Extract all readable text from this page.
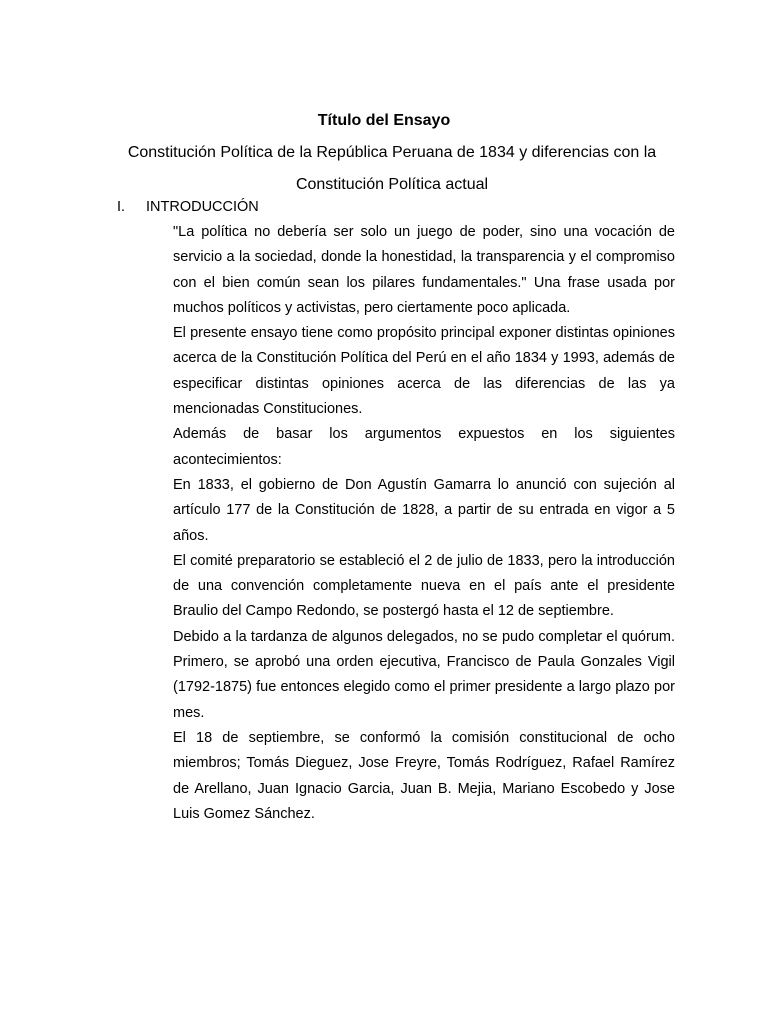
Título del Ensayo
Constitución Política de la República Peruana de 1834 y diferencias con la Constitución Política actual
I. INTRODUCCIÓN

"La política no debería ser solo un juego de poder, sino una vocación de servicio a la sociedad, donde la honestidad, la transparencia y el compromiso con el bien común sean los pilares fundamentales." Una frase usada por muchos políticos y activistas, pero ciertamente poco aplicada.

El presente ensayo tiene como propósito principal exponer distintas opiniones acerca de la Constitución Política del Perú en el año 1834 y 1993, además de especificar distintas opiniones acerca de las diferencias de las ya mencionadas Constituciones.

Además de basar los argumentos expuestos en los siguientes acontecimientos:

En 1833, el gobierno de Don Agustín Gamarra lo anunció con sujeción al artículo 177 de la Constitución de 1828, a partir de su entrada en vigor a 5 años.

El comité preparatorio se estableció el 2 de julio de 1833, pero la introducción de una convención completamente nueva en el país ante el presidente Braulio del Campo Redondo, se postergó hasta el 12 de septiembre.

Debido a la tardanza de algunos delegados, no se pudo completar el quórum. Primero, se aprobó una orden ejecutiva, Francisco de Paula Gonzales Vigil (1792-1875) fue entonces elegido como el primer presidente a largo plazo por mes.

El 18 de septiembre, se conformó la comisión constitucional de ocho miembros; Tomás Dieguez, Jose Freyre, Tomás Rodríguez, Rafael Ramírez de Arellano, Juan Ignacio Garcia, Juan B. Mejia, Mariano Escobedo y Jose Luis Gomez Sánchez.
